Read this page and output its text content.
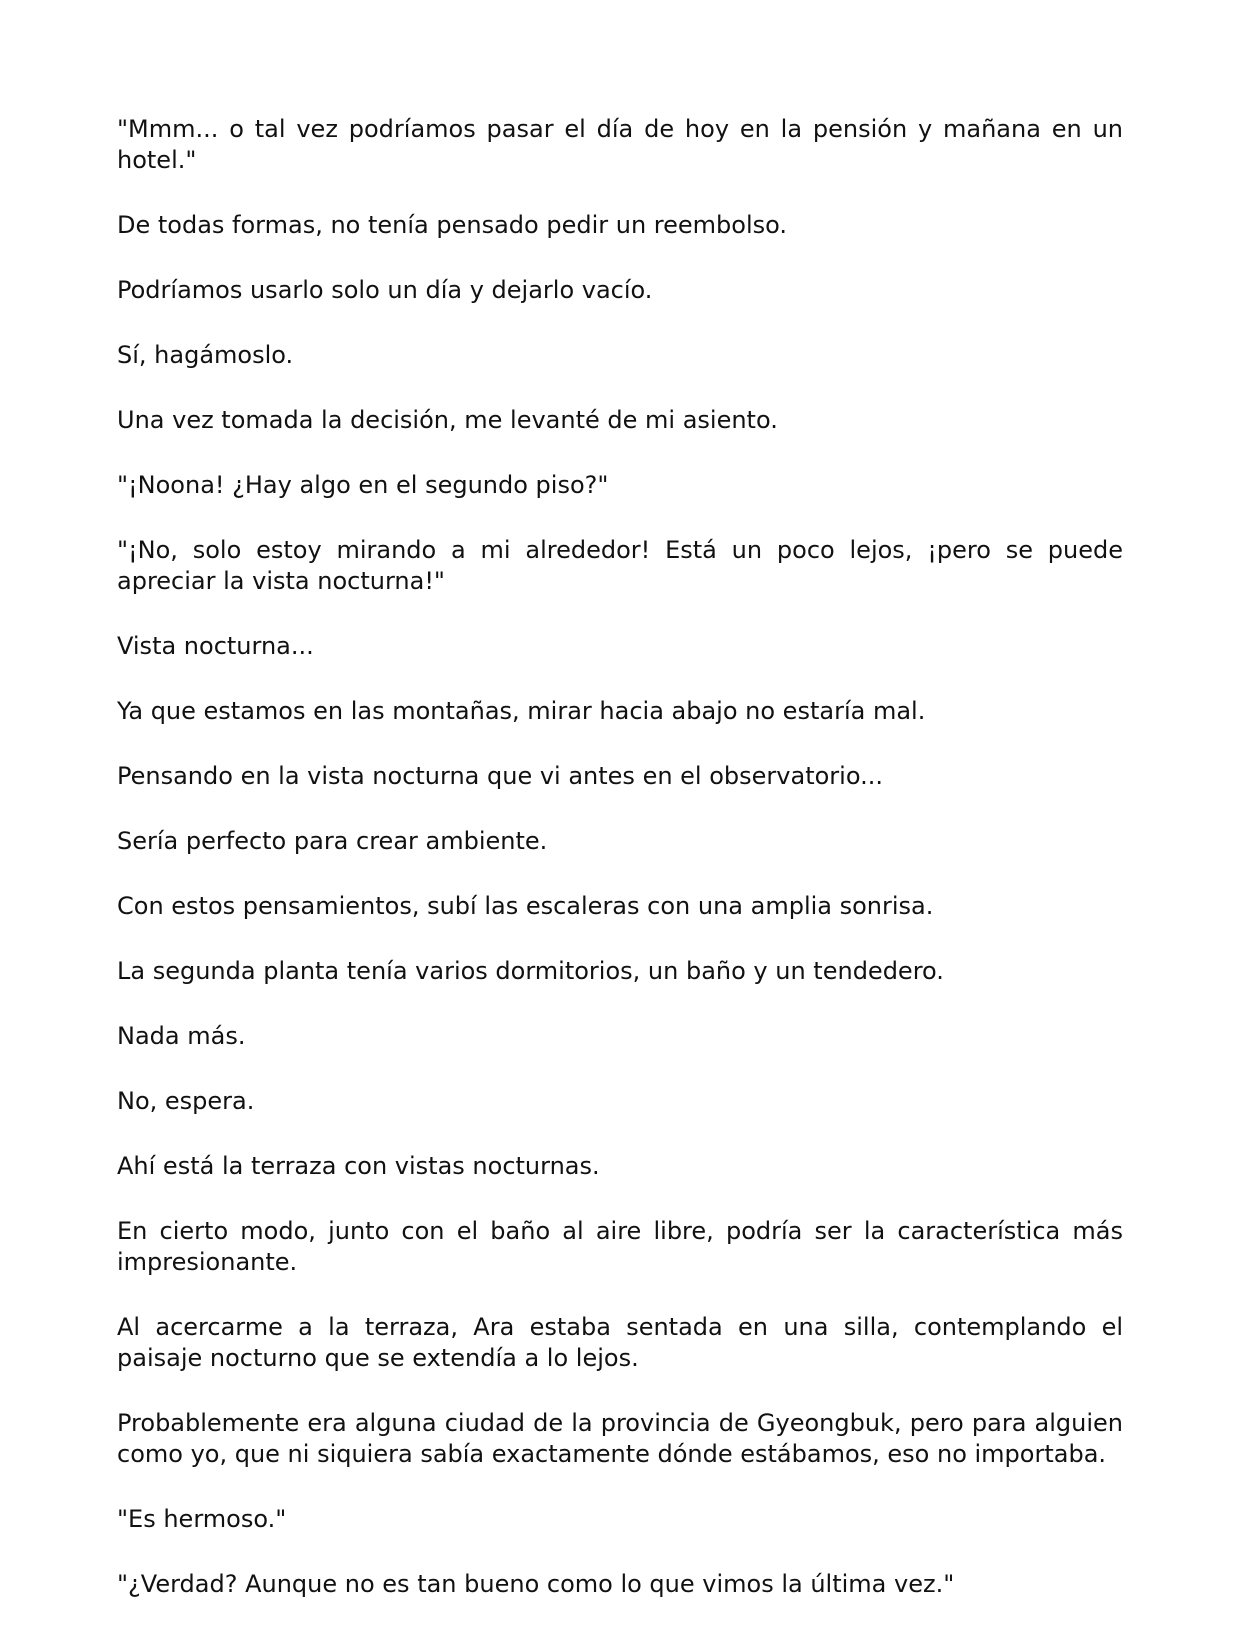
"Mmm... o tal vez podríamos pasar el día de hoy en la pensión y mañana en un hotel."

De todas formas, no tenía pensado pedir un reembolso.

Podríamos usarlo solo un día y dejarlo vacío.

Sí, hagámoslo.

Una vez tomada la decisión, me levanté de mi asiento.

"¡Noona! ¿Hay algo en el segundo piso?"

"¡No, solo estoy mirando a mi alrededor! Está un poco lejos, ¡pero se puede apreciar la vista nocturna!"

Vista nocturna...

Ya que estamos en las montañas, mirar hacia abajo no estaría mal.

Pensando en la vista nocturna que vi antes en el observatorio...

Sería perfecto para crear ambiente.

Con estos pensamientos, subí las escaleras con una amplia sonrisa.

La segunda planta tenía varios dormitorios, un baño y un tendedero.

Nada más.

No, espera.

Ahí está la terraza con vistas nocturnas.

En cierto modo, junto con el baño al aire libre, podría ser la característica más impresionante.

Al acercarme a la terraza, Ara estaba sentada en una silla, contemplando el paisaje nocturno que se extendía a lo lejos.

Probablemente era alguna ciudad de la provincia de Gyeongbuk, pero para alguien como yo, que ni siquiera sabía exactamente dónde estábamos, eso no importaba.

"Es hermoso."

"¿Verdad? Aunque no es tan bueno como lo que vimos la última vez."
